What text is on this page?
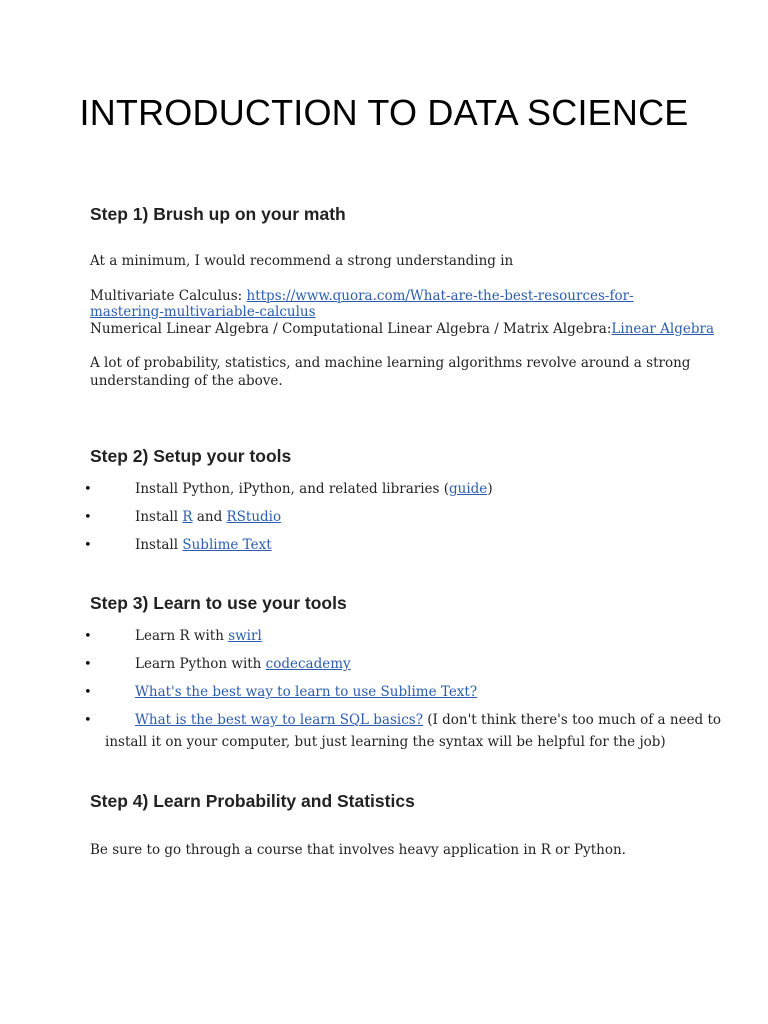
INTRODUCTION TO DATA SCIENCE
Step 1) Brush up on your math
At a minimum, I would recommend a strong understanding in
Multivariate Calculus: https://www.quora.com/What-are-the-best-resources-for-
mastering-multivariable-calculus
Numerical Linear Algebra / Computational Linear Algebra / Matrix Algebra:Linear Algebra
A lot of probability, statistics, and machine learning algorithms revolve around a strong
understanding of the above.
Step 2) Setup your tools
•	Install Python, iPython, and related libraries (guide)
•	Install R and RStudio
•	Install Sublime Text
Step 3) Learn to use your tools
•	Learn R with swirl
•	Learn Python with codecademy
•	What's the best way to learn to use Sublime Text?
•	What is the best way to learn SQL basics? (I don't think there's too much of a need to
install it on your computer, but just learning the syntax will be helpful for the job)
Step 4) Learn Probability and Statistics
Be sure to go through a course that involves heavy application in R or Python.
